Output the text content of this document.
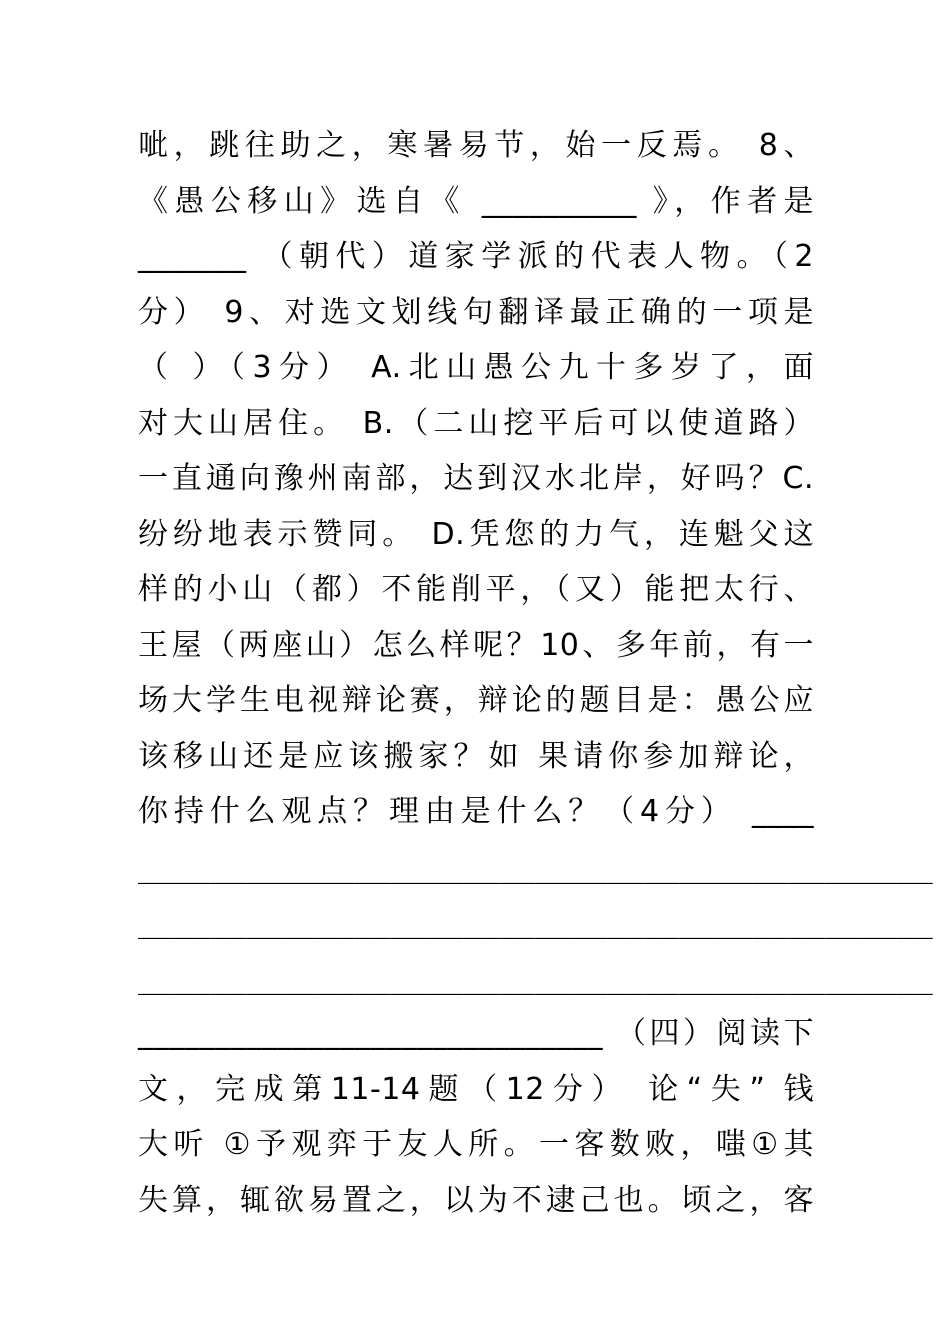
呲，跳往助之，寒暑易节，始一反焉。 8、
《愚公移山》选自《 __________ 》，作者是
_______ （朝代）道家学派的代表人物。（2
分） 9、对选文划线句翻译最正确的一项是
（ ）（3分） A.北山愚公九十多岁了，面
对大山居住。 B.（二山挖平后可以使道路）
一直通向豫州南部，达到汉水北岸，好吗？C.
纷纷地表示赞同。 D.凭您的力气，连魁父这
样的小山（都）不能削平，（又）能把太行、
王屋（两座山）怎么样呢？10、多年前，有一
场大学生电视辩论赛，辩论的题目是：愚公应
该移山还是应该搬家？如 果请你参加辩论，
你持什么观点？理由是什么？（4分） ____
____________________________________________
____________________________________________
____________________________________________
______________________________ （四）阅读下
文，完成第11-14题（12分） 论“失” 钱
大听 ①予观弈于友人所。一客数败，嗤①其
失算，辄欲易置之，以为不逮己也。顷之，客
